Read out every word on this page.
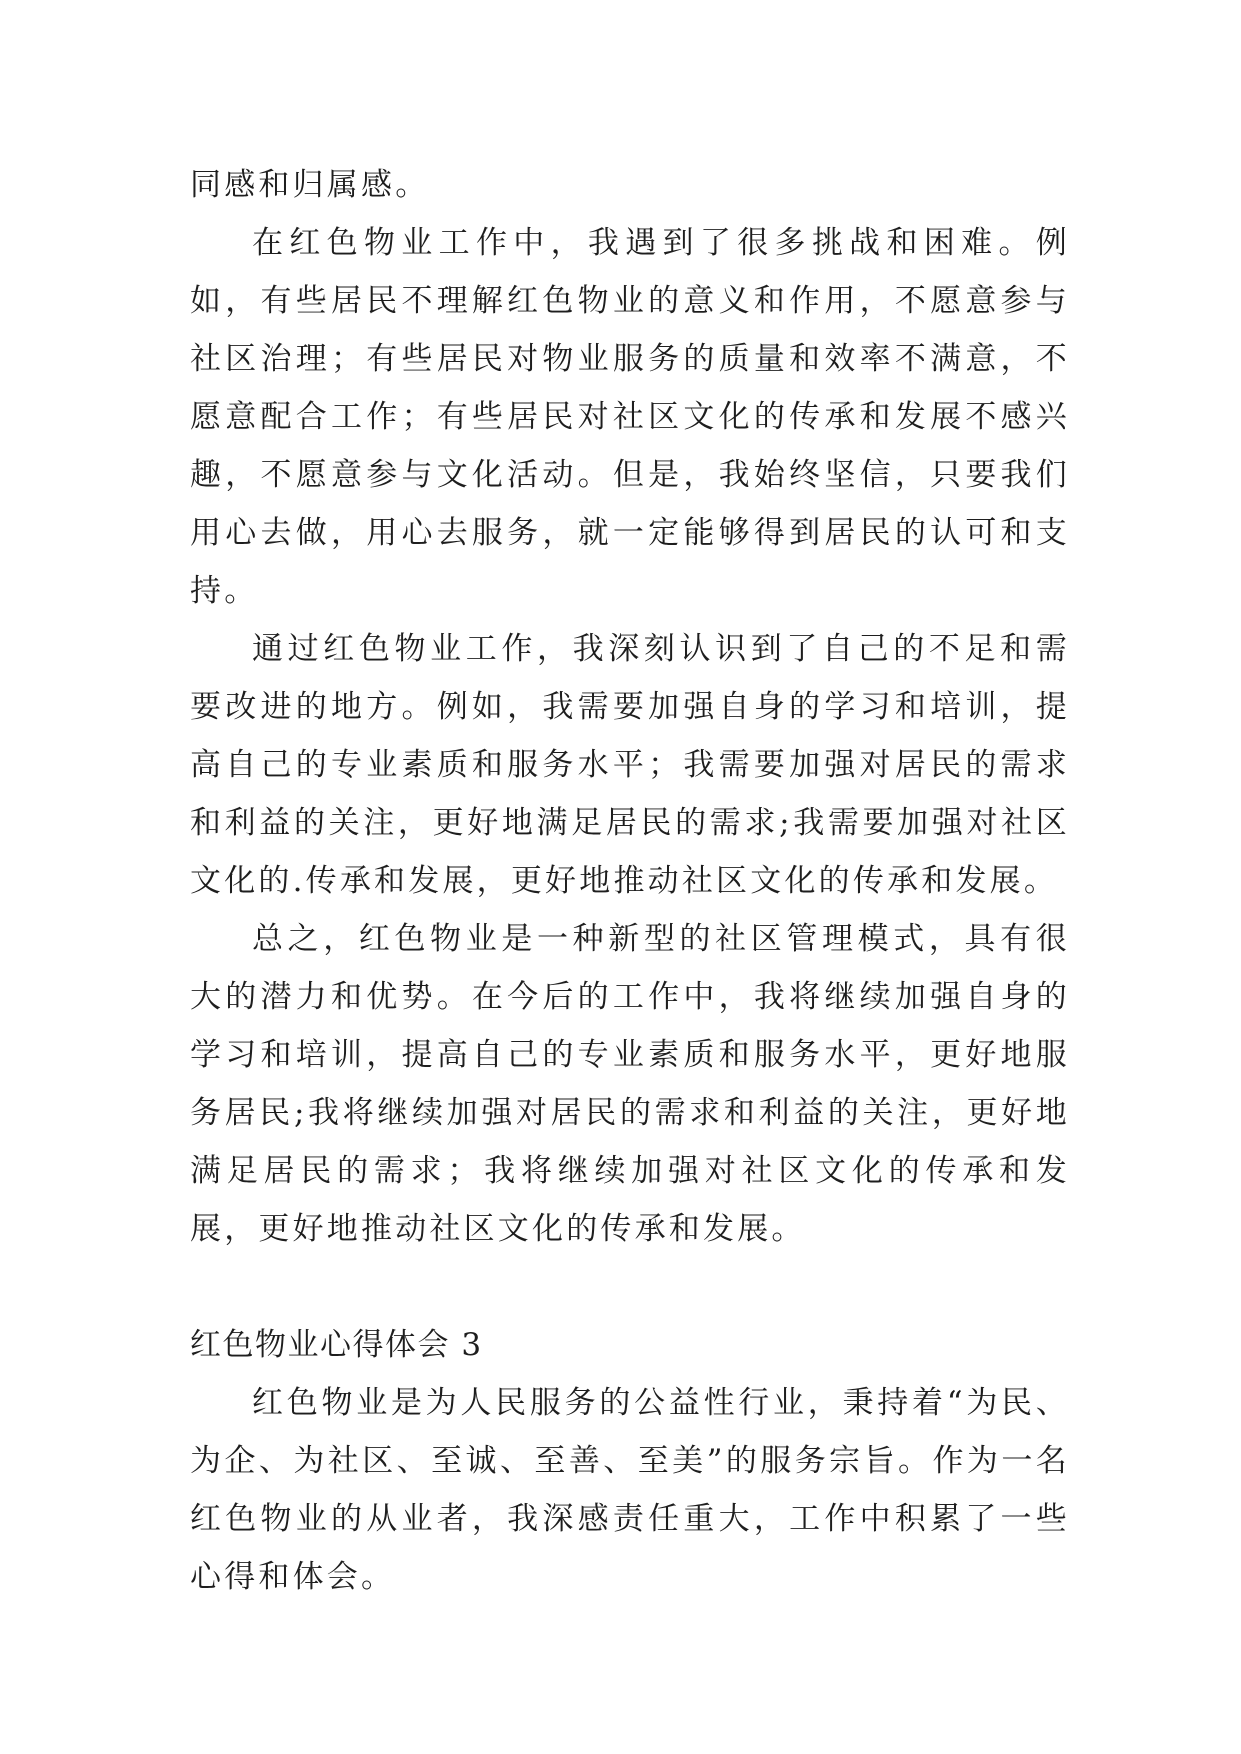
同感和归属感。

在红色物业工作中，我遇到了很多挑战和困难。例如，有些居民不理解红色物业的意义和作用，不愿意参与社区治理；有些居民对物业服务的质量和效率不满意，不愿意配合工作；有些居民对社区文化的传承和发展不感兴趣，不愿意参与文化活动。但是，我始终坚信，只要我们用心去做，用心去服务，就一定能够得到居民的认可和支持。

通过红色物业工作，我深刻认识到了自己的不足和需要改进的地方。例如，我需要加强自身的学习和培训，提高自己的专业素质和服务水平；我需要加强对居民的需求和利益的关注，更好地满足居民的需求;我需要加强对社区文化的.传承和发展，更好地推动社区文化的传承和发展。

总之，红色物业是一种新型的社区管理模式，具有很大的潜力和优势。在今后的工作中，我将继续加强自身的学习和培训，提高自己的专业素质和服务水平，更好地服务居民;我将继续加强对居民的需求和利益的关注，更好地满足居民的需求；我将继续加强对社区文化的传承和发展，更好地推动社区文化的传承和发展。

红色物业心得体会 3

红色物业是为人民服务的公益性行业，秉持着“为民、为企、为社区、至诚、至善、至美”的服务宗旨。作为一名红色物业的从业者，我深感责任重大，工作中积累了一些心得和体会。
